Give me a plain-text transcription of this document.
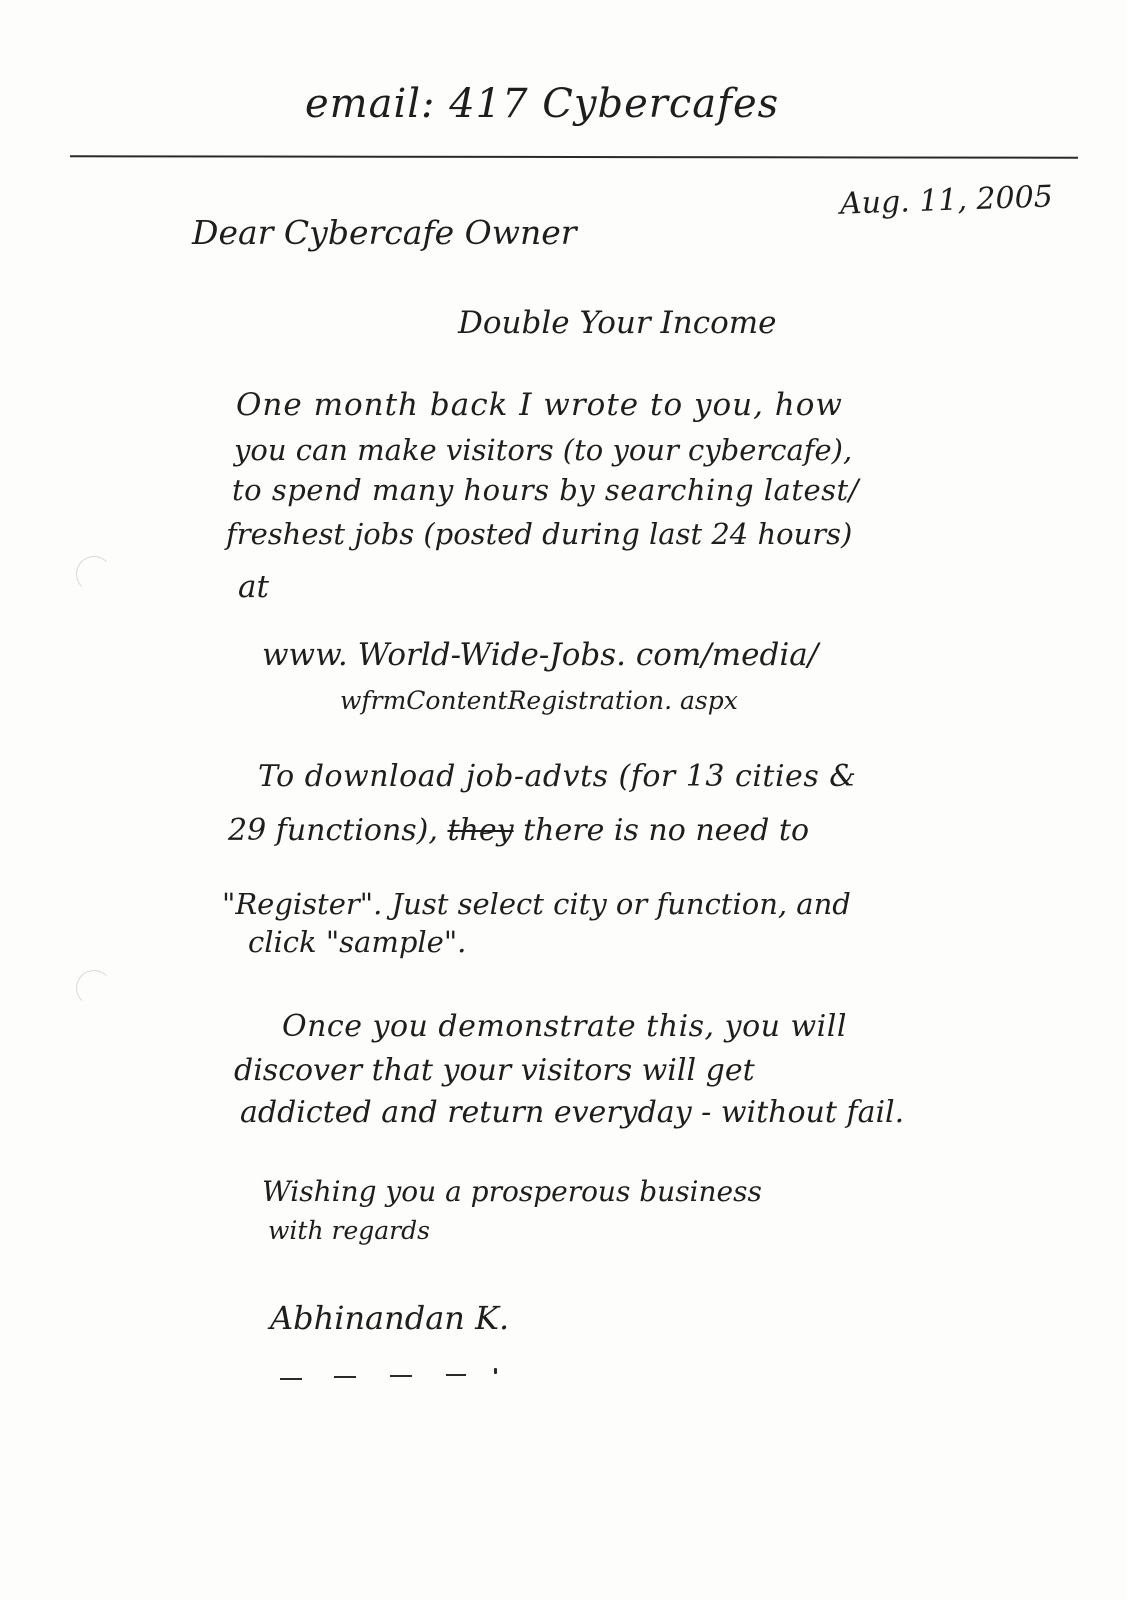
email: 417 Cybercafes
Aug. 11, 2005
Dear Cybercafe Owner
Double Your Income
One month back I wrote to you, how
you can make visitors (to your cybercafe),
to spend many hours by searching latest/
freshest jobs (posted during last 24 hours)
at
www. World-Wide-Jobs. com/media/
wfrmContentRegistration. aspx
To download job-advts (for 13 cities &
29 functions), they there is no need to
"Register". Just select city or function, and
click "sample".
Once you demonstrate this, you will
discover that your visitors will get
addicted and return everyday - without fail.
Wishing you a prosperous business
with regards
Abhinandan K.
